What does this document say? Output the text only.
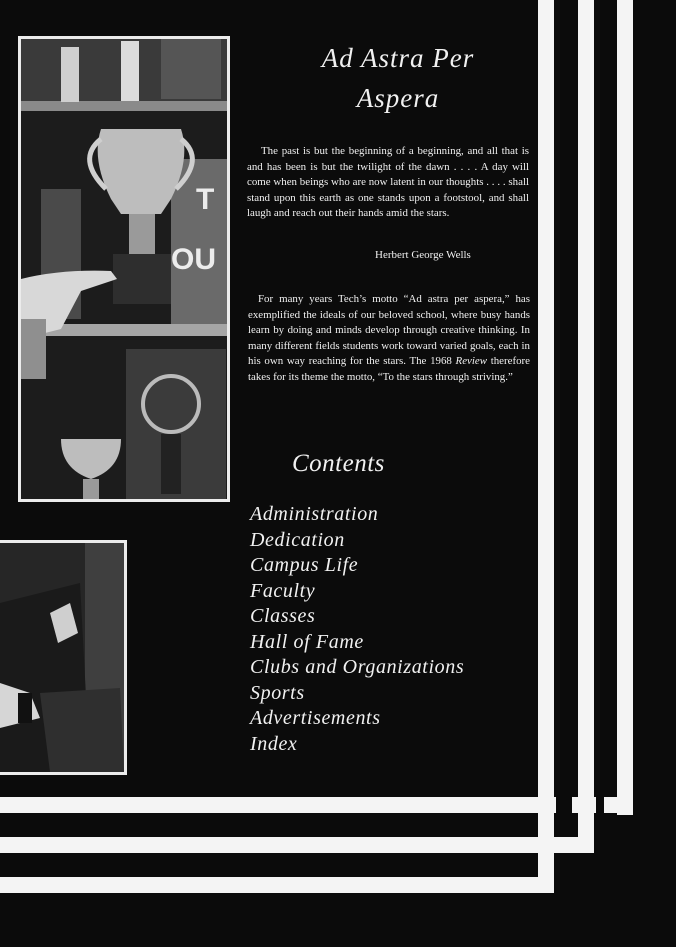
T
OU
Ad Astra Per
Aspera

The past is but the beginning of a beginning, and all that is and has been is but the twilight of the dawn . . . . A day will come when beings who are now latent in our thoughts . . . . shall stand upon this earth as one stands upon a footstool, and shall laugh and reach out their hands amid the stars.

Herbert George Wells

For many years Tech’s motto “Ad astra per aspera,” has exemplified the ideals of our beloved school, where busy hands learn by doing and minds develop through creative thinking. In many different fields students work toward varied goals, each in his own way reaching for the stars. The 1968 Review therefore takes for its theme the motto, “To the stars through striving.”

Contents
Administration
Dedication
Campus Life
Faculty
Classes
Hall of Fame
Clubs and Organizations
Sports
Advertisements
Index
